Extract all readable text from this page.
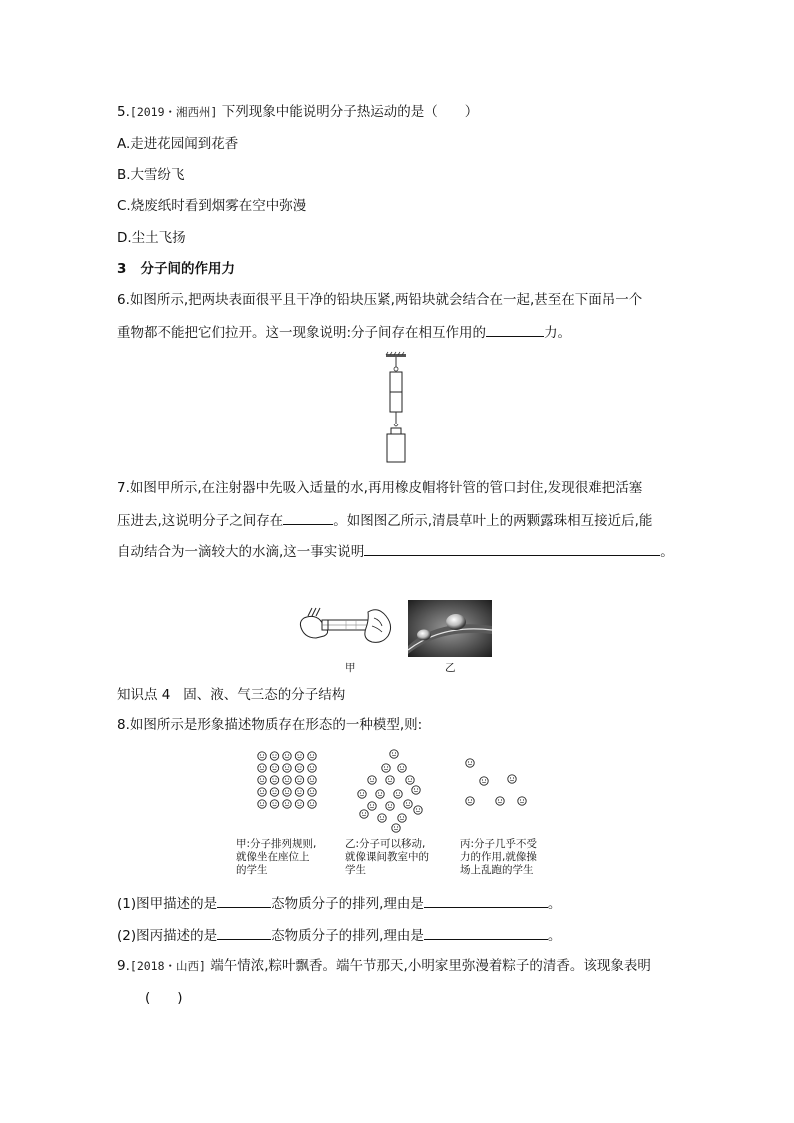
5.[2019・湘西州] 下列现象中能说明分子热运动的是（　　）
A.走进花园闻到花香
B.大雪纷飞
C.烧废纸时看到烟雾在空中弥漫
D.尘土飞扬
3 分子间的作用力
6.如图所示,把两块表面很平且干净的铅块压紧,两铅块就会结合在一起,甚至在下面吊一个
重物都不能把它们拉开。这一现象说明:分子间存在相互作用的	力。
7.如图甲所示,在注射器中先吸入适量的水,再用橡皮帽将针管的管口封住,发现很难把活塞
压进去,这说明分子之间存在	。如图图乙所示,清晨草叶上的两颗露珠相互接近后,能
自动结合为一滴较大的水滴,这一事实说明	。
甲	乙
知识点 4 固、液、气三态的分子结构
8.如图所示是形象描述物质存在形态的一种模型,则:
甲:分子排列规则,
就像坐在座位上
的学生
乙:分子可以移动,
就像课间教室中的
学生
丙:分子几乎不受
力的作用,就像操
场上乱跑的学生
(1)图甲描述的是	态物质分子的排列,理由是	。
(2)图丙描述的是	态物质分子的排列,理由是	。
9.[2018・山西] 端午情浓,粽叶飘香。端午节那天,小明家里弥漫着粽子的清香。该现象表明
(　　)
